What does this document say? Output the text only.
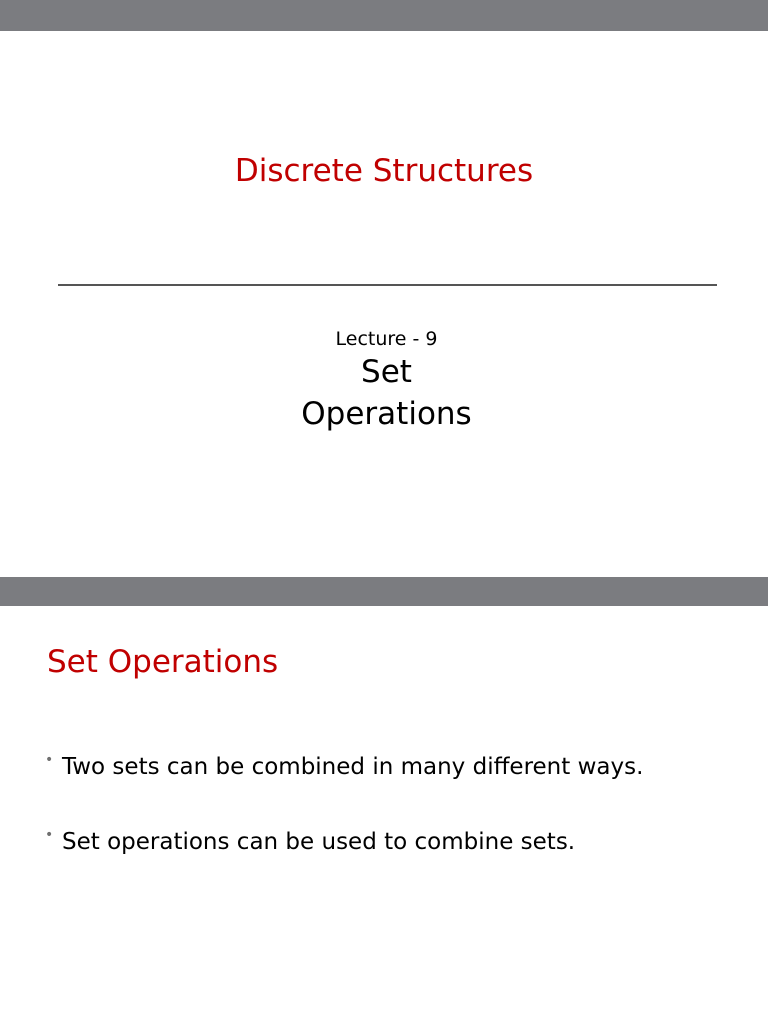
Discrete Structures
Lecture - 9
Set
Operations
Set Operations
• Two sets can be combined in many different ways.
• Set operations can be used to combine sets.
